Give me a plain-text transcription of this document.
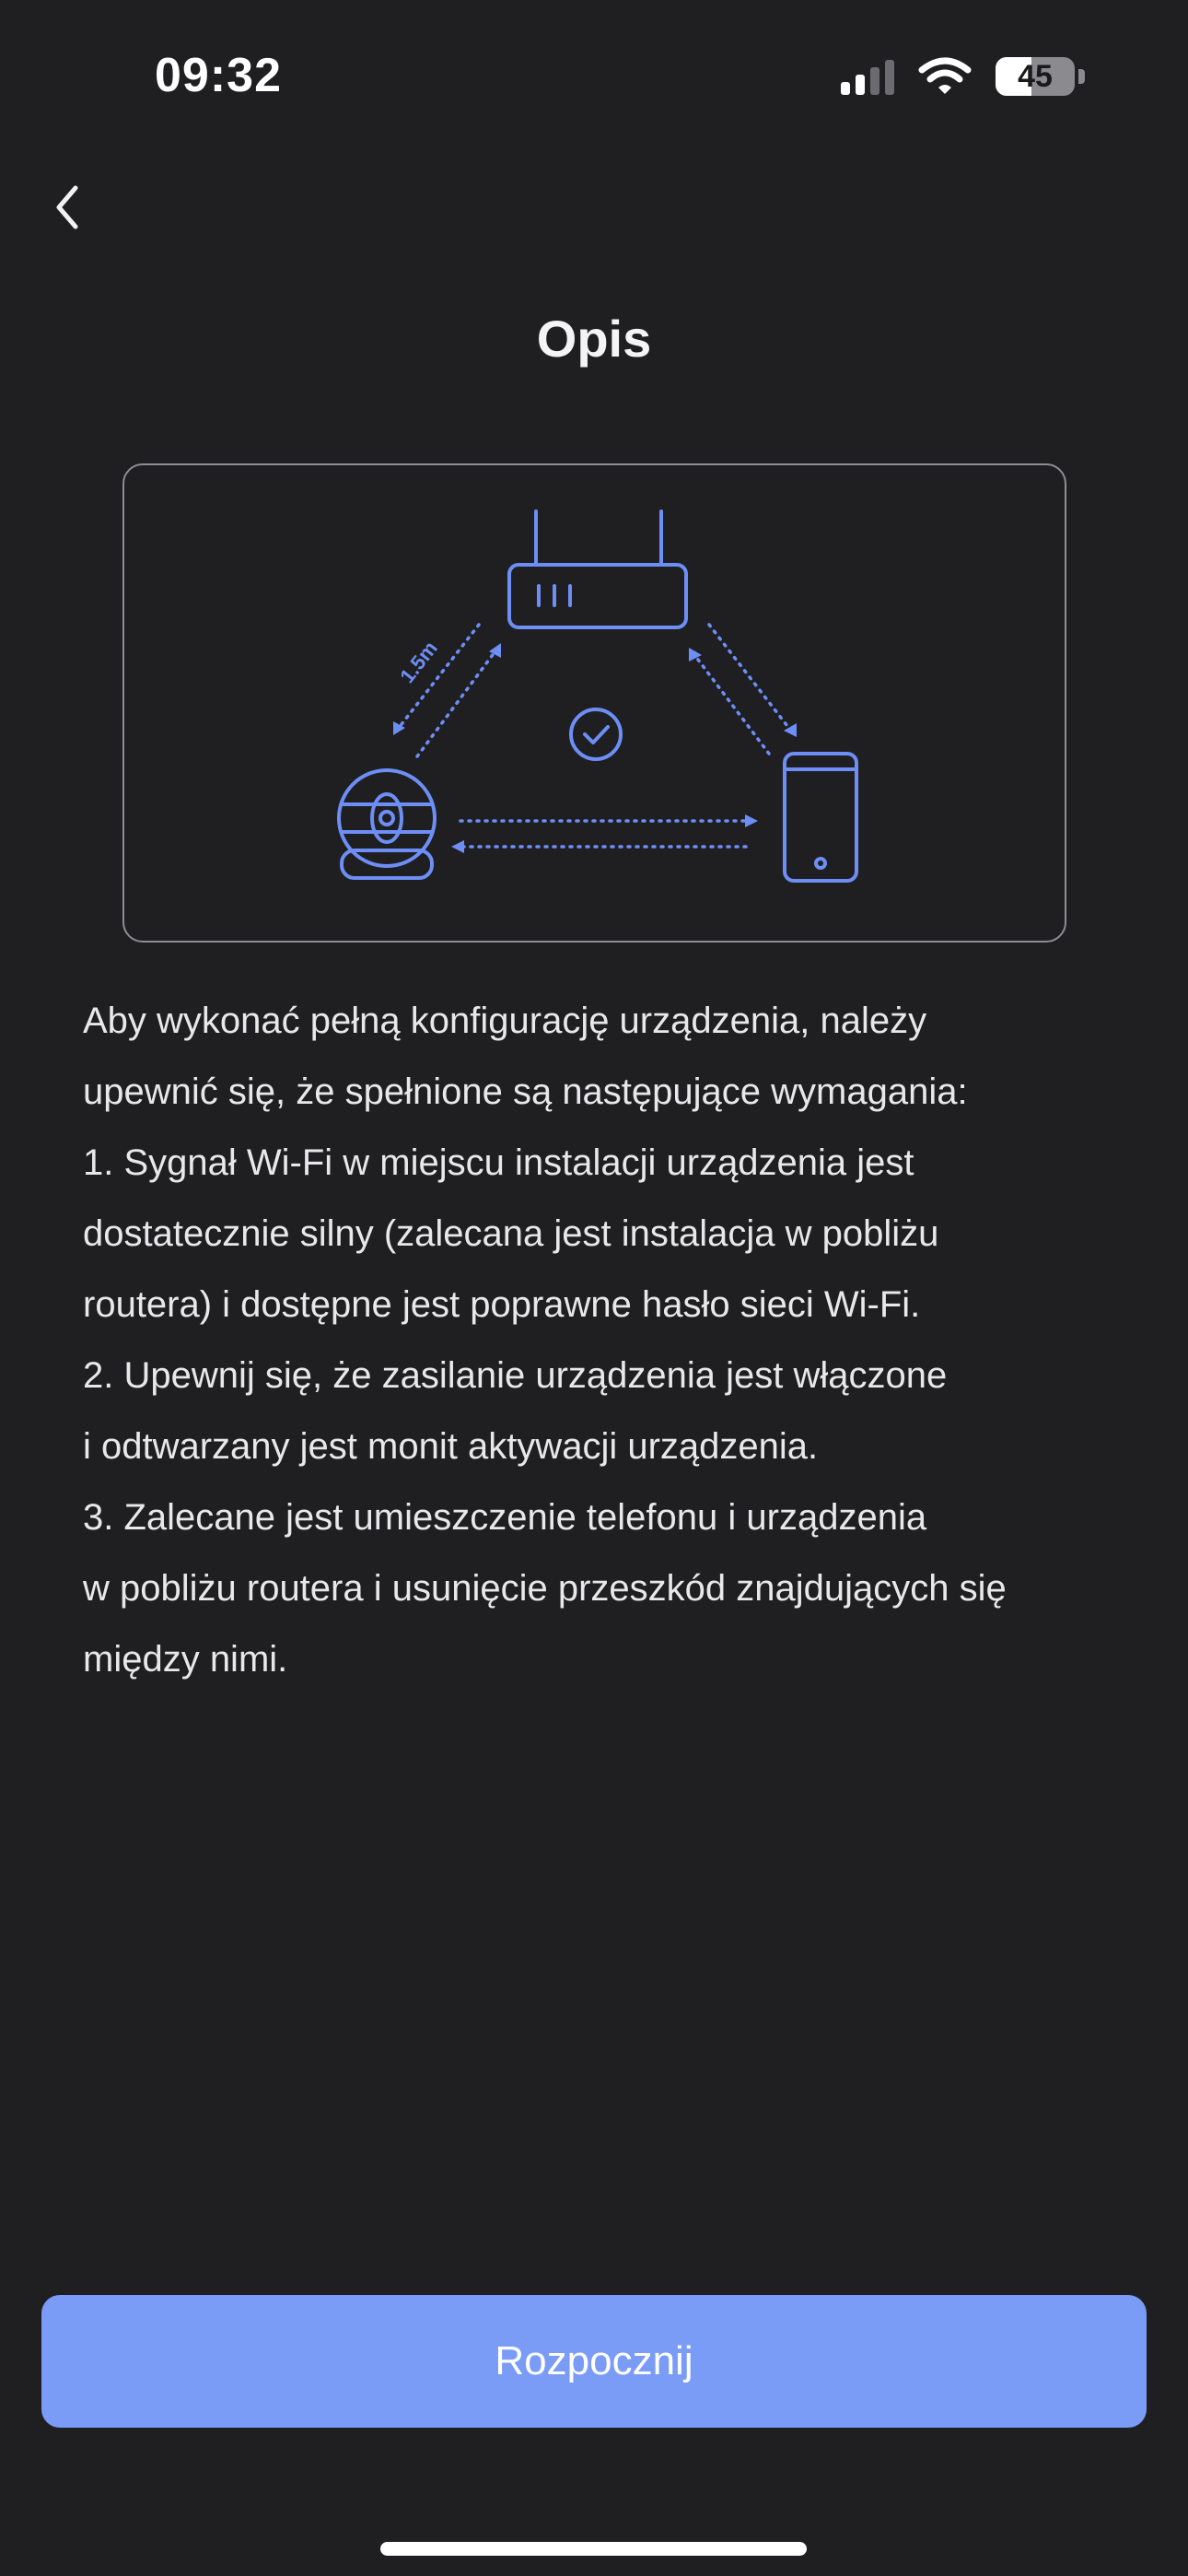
09:32	45
Opis
1.5m

Aby wykonać pełną konfigurację urządzenia, należy

upewnić się, że spełnione są następujące wymagania:

1. Sygnał Wi-Fi w miejscu instalacji urządzenia jest

dostatecznie silny (zalecana jest instalacja w pobliżu

routera) i dostępne jest poprawne hasło sieci Wi-Fi.

2. Upewnij się, że zasilanie urządzenia jest włączone

i odtwarzany jest monit aktywacji urządzenia.

3. Zalecane jest umieszczenie telefonu i urządzenia

w pobliżu routera i usunięcie przeszkód znajdujących się

między nimi.

Rozpocznij
